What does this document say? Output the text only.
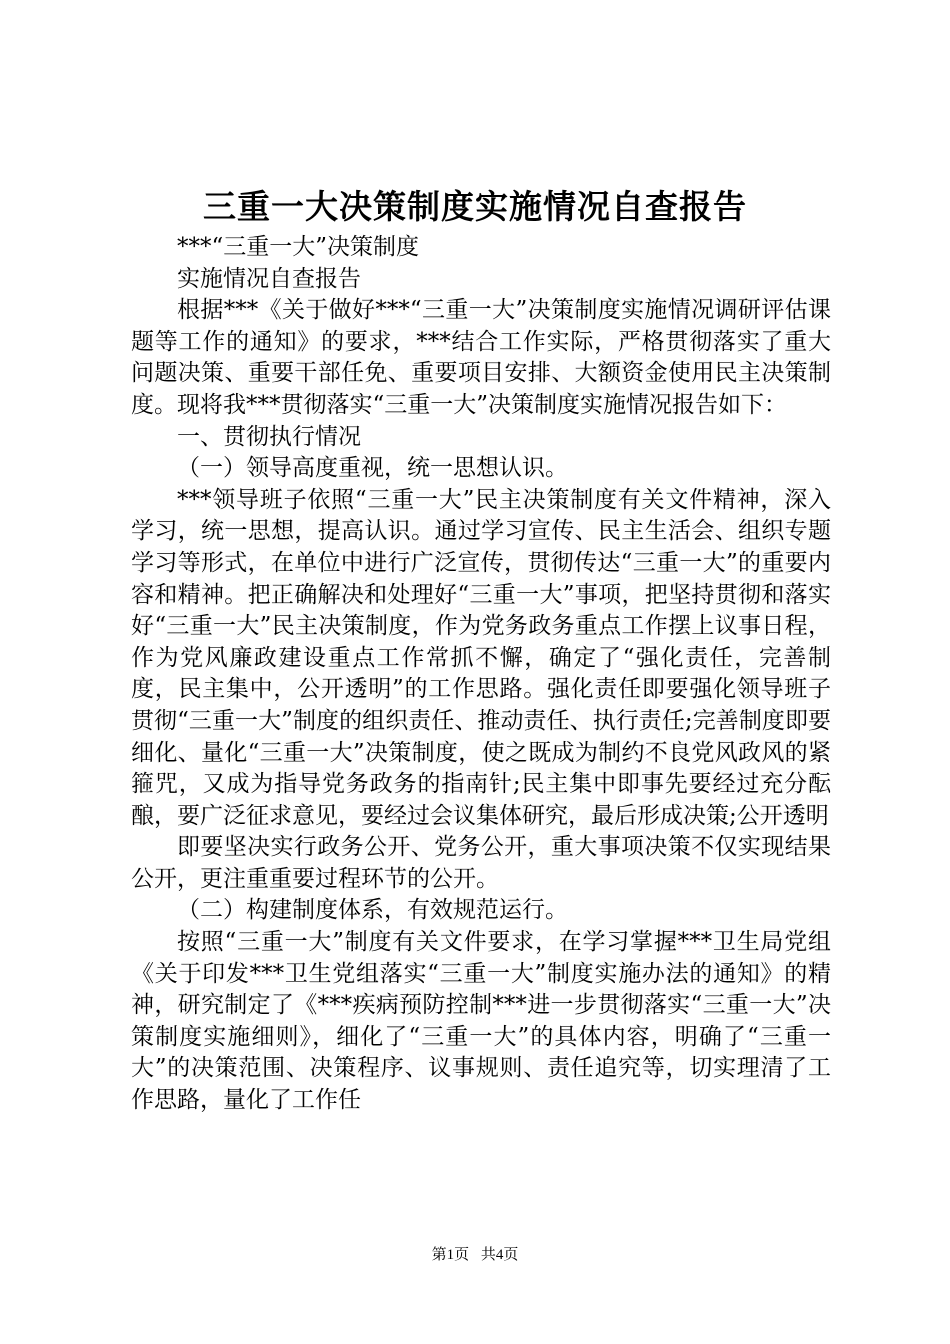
三重一大决策制度实施情况自查报告

***“三重一大”决策制度

实施情况自查报告

根据***《关于做好***“三重一大”决策制度实施情况调研评估课题等工作的通知》的要求，***结合工作实际，严格贯彻落实了重大问题决策、重要干部任免、重要项目安排、大额资金使用民主决策制度。现将我***贯彻落实“三重一大”决策制度实施情况报告如下：

一、贯彻执行情况

（一）领导高度重视，统一思想认识。

***领导班子依照“三重一大”民主决策制度有关文件精神，深入学习，统一思想，提高认识。通过学习宣传、民主生活会、组织专题学习等形式，在单位中进行广泛宣传，贯彻传达“三重一大”的重要内容和精神。把正确解决和处理好“三重一大”事项，把坚持贯彻和落实好“三重一大”民主决策制度，作为党务政务重点工作摆上议事日程，作为党风廉政建设重点工作常抓不懈，确定了“强化责任，完善制度，民主集中，公开透明”的工作思路。强化责任即要强化领导班子贯彻“三重一大”制度的组织责任、推动责任、执行责任;完善制度即要细化、量化“三重一大”决策制度，使之既成为制约不良党风政风的紧箍咒，又成为指导党务政务的指南针;民主集中即事先要经过充分酝酿，要广泛征求意见，要经过会议集体研究，最后形成决策;公开透明

即要坚决实行政务公开、党务公开，重大事项决策不仅实现结果公开，更注重重要过程环节的公开。

（二）构建制度体系，有效规范运行。

按照“三重一大”制度有关文件要求，在学习掌握***卫生局党组《关于印发***卫生党组落实“三重一大”制度实施办法的通知》的精神，研究制定了《***疾病预防控制***进一步贯彻落实“三重一大”决策制度实施细则》，细化了“三重一大”的具体内容，明确了“三重一大”的决策范围、决策程序、议事规则、责任追究等，切实理清了工作思路，量化了工作任

第1页 共4页
